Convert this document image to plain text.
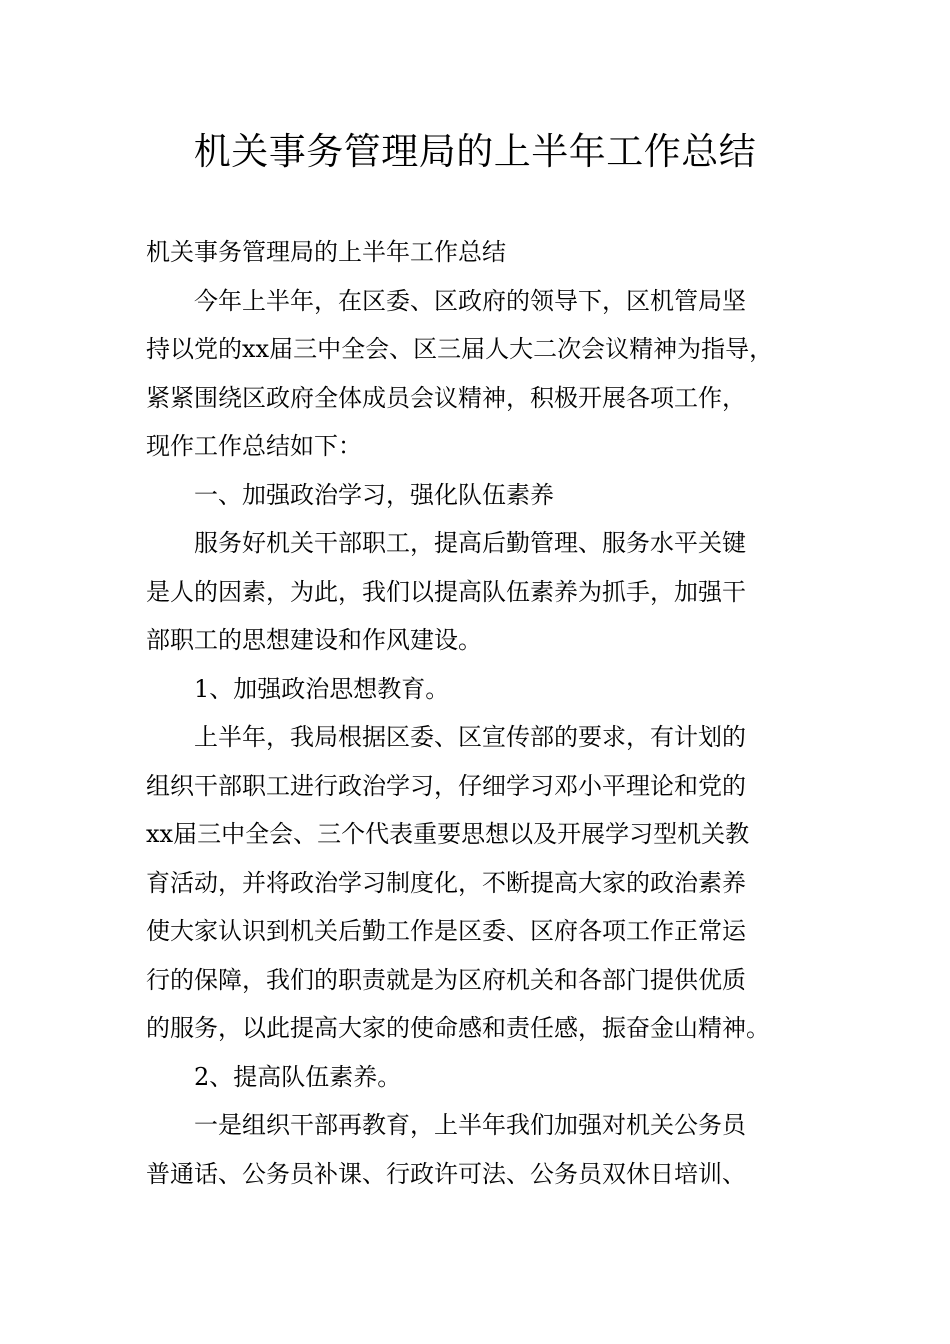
机关事务管理局的上半年工作总结
机关事务管理局的上半年工作总结
今年上半年，在区委、区政府的领导下，区机管局坚
持以党的xx届三中全会、区三届人大二次会议精神为指导，
紧紧围绕区政府全体成员会议精神，积极开展各项工作，
现作工作总结如下：
一、加强政治学习，强化队伍素养
服务好机关干部职工，提高后勤管理、服务水平关键
是人的因素，为此，我们以提高队伍素养为抓手，加强干
部职工的思想建设和作风建设。
1、加强政治思想教育。
上半年，我局根据区委、区宣传部的要求，有计划的
组织干部职工进行政治学习，仔细学习邓小平理论和党的
xx届三中全会、三个代表重要思想以及开展学习型机关教
育活动，并将政治学习制度化，不断提高大家的政治素养
使大家认识到机关后勤工作是区委、区府各项工作正常运
行的保障，我们的职责就是为区府机关和各部门提供优质
的服务，以此提高大家的使命感和责任感，振奋金山精神。
2、提高队伍素养。
一是组织干部再教育，上半年我们加强对机关公务员
普通话、公务员补课、行政许可法、公务员双休日培训、
